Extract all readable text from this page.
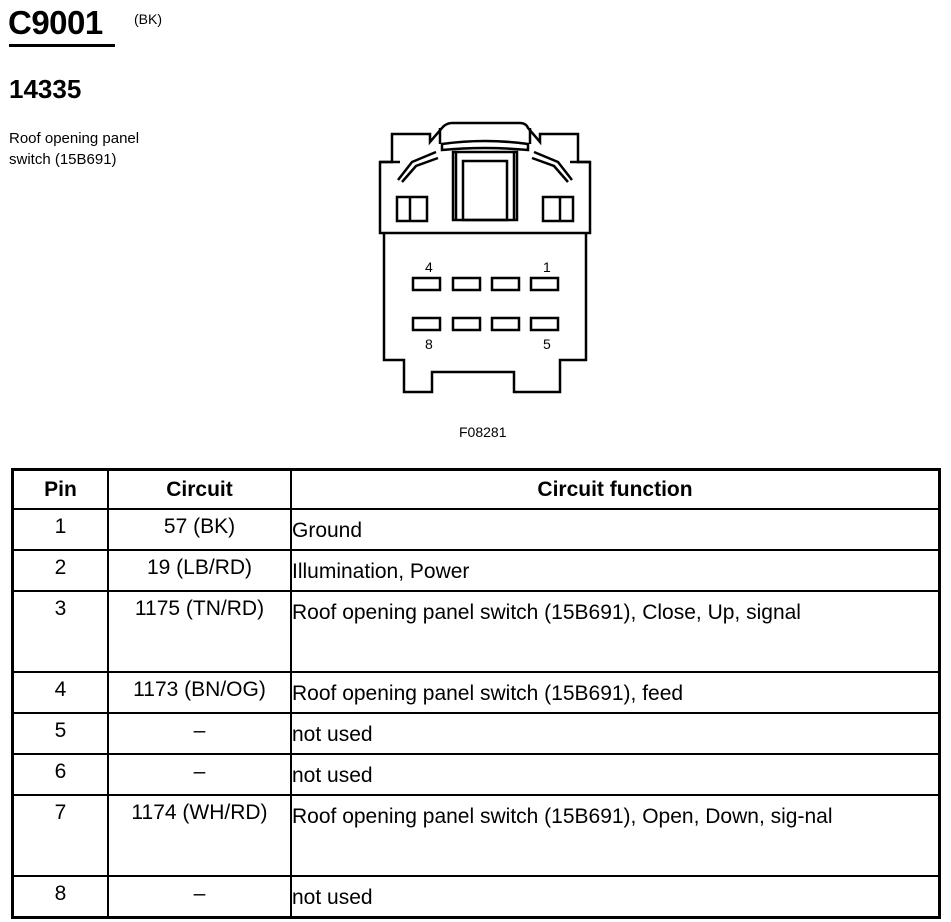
C9001 (BK)
14335
Roof opening panel
switch (15B691)
4	1
8	5
F08281
Pin	Circuit	Circuit function
1	57 (BK)	Ground
2	19 (LB/RD)	Illumination, Power
3	1175 (TN/RD)	Roof opening panel switch (15B691), Close, Up, signal
4	1173 (BN/OG)	Roof opening panel switch (15B691), feed
5	–	not used
6	–	not used
7	1174 (WH/RD)	Roof opening panel switch (15B691), Open, Down, sig-nal
8	–	not used
